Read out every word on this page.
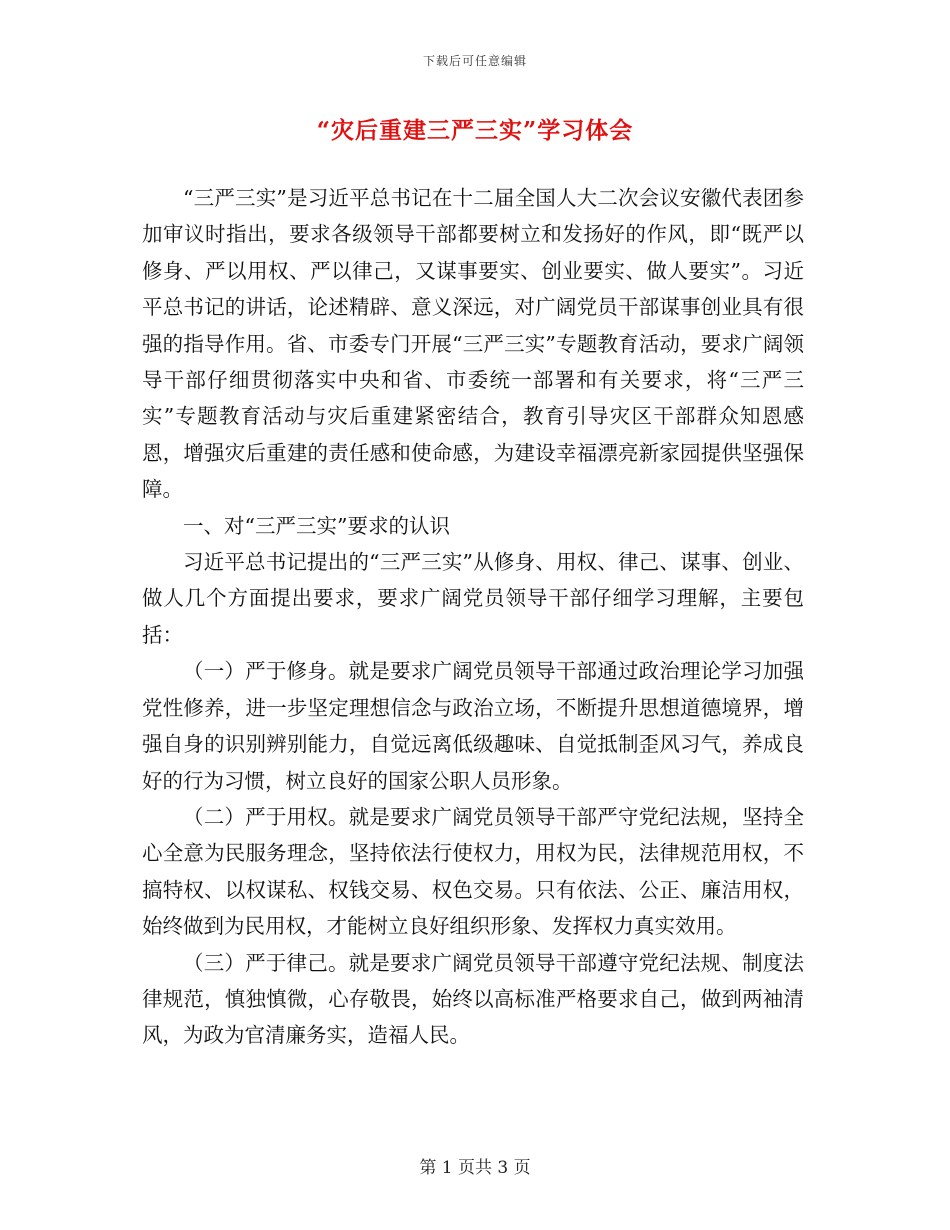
下载后可任意编辑
“灾后重建三严三实”学习体会

“三严三实”是习近平总书记在十二届全国人大二次会议安徽代表团参加审议时指出，要求各级领导干部都要树立和发扬好的作风，即“既严以修身、严以用权、严以律己，又谋事要实、创业要实、做人要实”。习近平总书记的讲话，论述精辟、意义深远，对广阔党员干部谋事创业具有很强的指导作用。省、市委专门开展“三严三实”专题教育活动，要求广阔领导干部仔细贯彻落实中央和省、市委统一部署和有关要求，将“三严三实”专题教育活动与灾后重建紧密结合，教育引导灾区干部群众知恩感恩，增强灾后重建的责任感和使命感，为建设幸福漂亮新家园提供坚强保障。

一、对“三严三实”要求的认识

习近平总书记提出的“三严三实”从修身、用权、律己、谋事、创业、做人几个方面提出要求，要求广阔党员领导干部仔细学习理解，主要包括：

（一）严于修身。就是要求广阔党员领导干部通过政治理论学习加强党性修养，进一步坚定理想信念与政治立场，不断提升思想道德境界，增强自身的识别辨别能力，自觉远离低级趣味、自觉抵制歪风习气，养成良好的行为习惯，树立良好的国家公职人员形象。

（二）严于用权。就是要求广阔党员领导干部严守党纪法规，坚持全心全意为民服务理念，坚持依法行使权力，用权为民，法律规范用权，不搞特权、以权谋私、权钱交易、权色交易。只有依法、公正、廉洁用权，始终做到为民用权，才能树立良好组织形象、发挥权力真实效用。

（三）严于律己。就是要求广阔党员领导干部遵守党纪法规、制度法律规范，慎独慎微，心存敬畏，始终以高标准严格要求自己，做到两袖清风，为政为官清廉务实，造福人民。

第 1 页共 3 页
